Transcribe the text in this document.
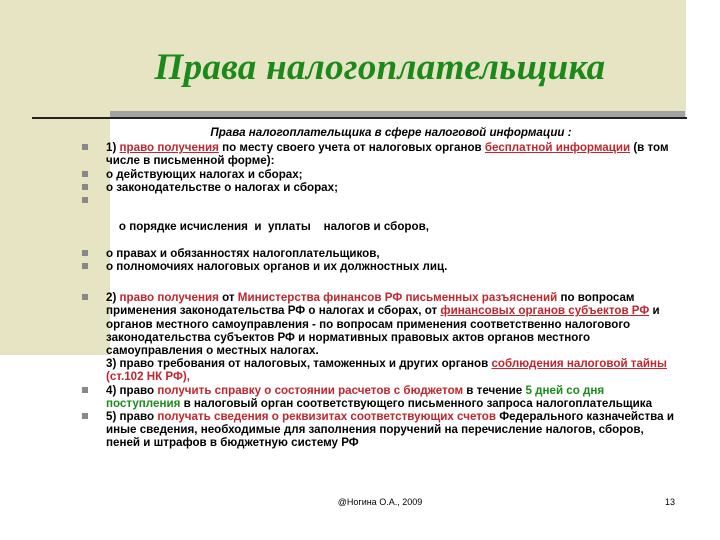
Права налогоплательщика
Права налогоплательщика в сфере налоговой информации :
1) право получения по месту своего учета от налоговых органов бесплатной информации (в том числе в письменной форме):
о действующих налогах и сборах;
о законодательстве о налогах и сборах;

о порядке исчисления  и  уплаты    налогов и сборов,

о правах и обязанностях налогоплательщиков,
о полномочиях налоговых органов и их должностных лиц.
2) право получения от Министерства финансов РФ письменных разъяснений по вопросам применения законодательства РФ о налогах и сборах, от финансовых органов субъектов РФ и органов местного самоуправления - по вопросам применения соответственно налогового законодательства субъектов РФ и нормативных правовых актов органов местного самоуправления о местных налогах.
3) право требования от налоговых, таможенных и других органов соблюдения налоговой тайны (ст.102 НК РФ),
4) право получить справку о состоянии расчетов с бюджетом в течение 5 дней со дня поступления в налоговый орган соответствующего письменного запроса налогоплательщика
5) право получать сведения о реквизитах соответствующих счетов Федерального казначейства и иные сведения, необходимые для заполнения поручений на перечисление налогов, сборов, пеней и штрафов в бюджетную систему РФ
@Ногина О.А., 2009	13
